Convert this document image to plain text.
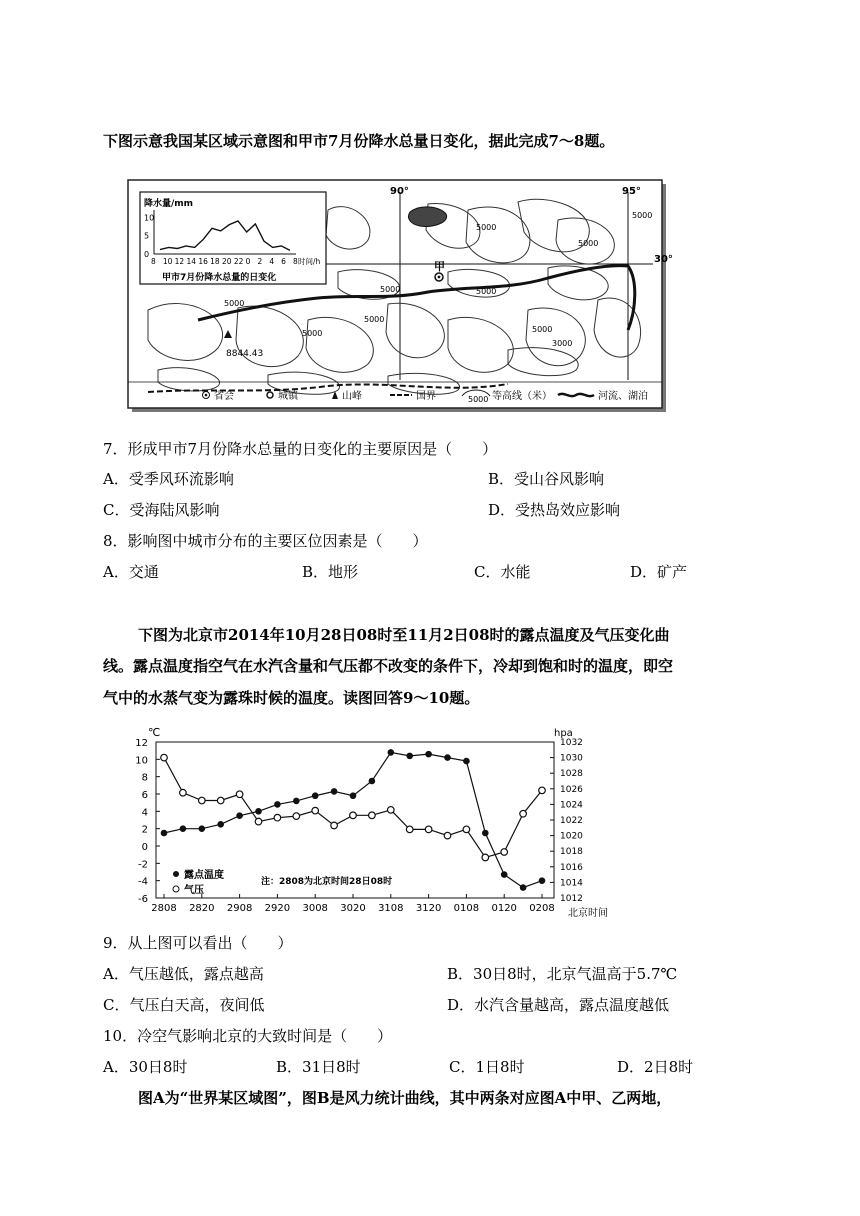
下图示意我国某区域示意图和甲市7月份降水总量日变化，据此完成7～8题。
90°	95°
30°
甲
8844.43
5000
5000
5000	5000
5000
5000
5000	5000
3000
5000
降水量/mm
10
5
0
8 10 12 14 16 18 20 22 0 2 4 6 8 时间/h
甲市7月份降水总量的日变化
省会	城镇	山峰	国界	5000 等高线（米）	河流、湖泊
7．形成甲市7月份降水总量的日变化的主要原因是（　　）
A．受季风环流影响	B．受山谷风影响
C．受海陆风影响	D．受热岛效应影响
8．影响图中城市分布的主要区位因素是（　　）
A．交通	B．地形	C．水能	D．矿产
下图为北京市2014年10月28日08时至11月2日08时的露点温度及气压变化曲
线。露点温度指空气在水汽含量和气压都不改变的条件下，冷却到饱和时的温度，即空
气中的水蒸气变为露珠时候的温度。读图回答9～10题。
℃	hpa
北京时间
注：2808为北京时间28日08时
露点温度
气压
12
10
8
6
4
2
0
-2
-4
-6
1032
1030
1028
1026
1024
1022
1020
1018
1016
1014
1012
2808 2820 2908 2920 3008 3020 3108 3120 0108 0120 0208
9．从上图可以看出（　　）
A．气压越低，露点越高	B．30日8时，北京气温高于5.7℃
C．气压白天高，夜间低	D．水汽含量越高，露点温度越低
10．冷空气影响北京的大致时间是（　　）
A．30日8时	B．31日8时	C．1日8时	D．2日8时
图A为“世界某区域图”，图B是风力统计曲线，其中两条对应图A中甲、乙两地，
